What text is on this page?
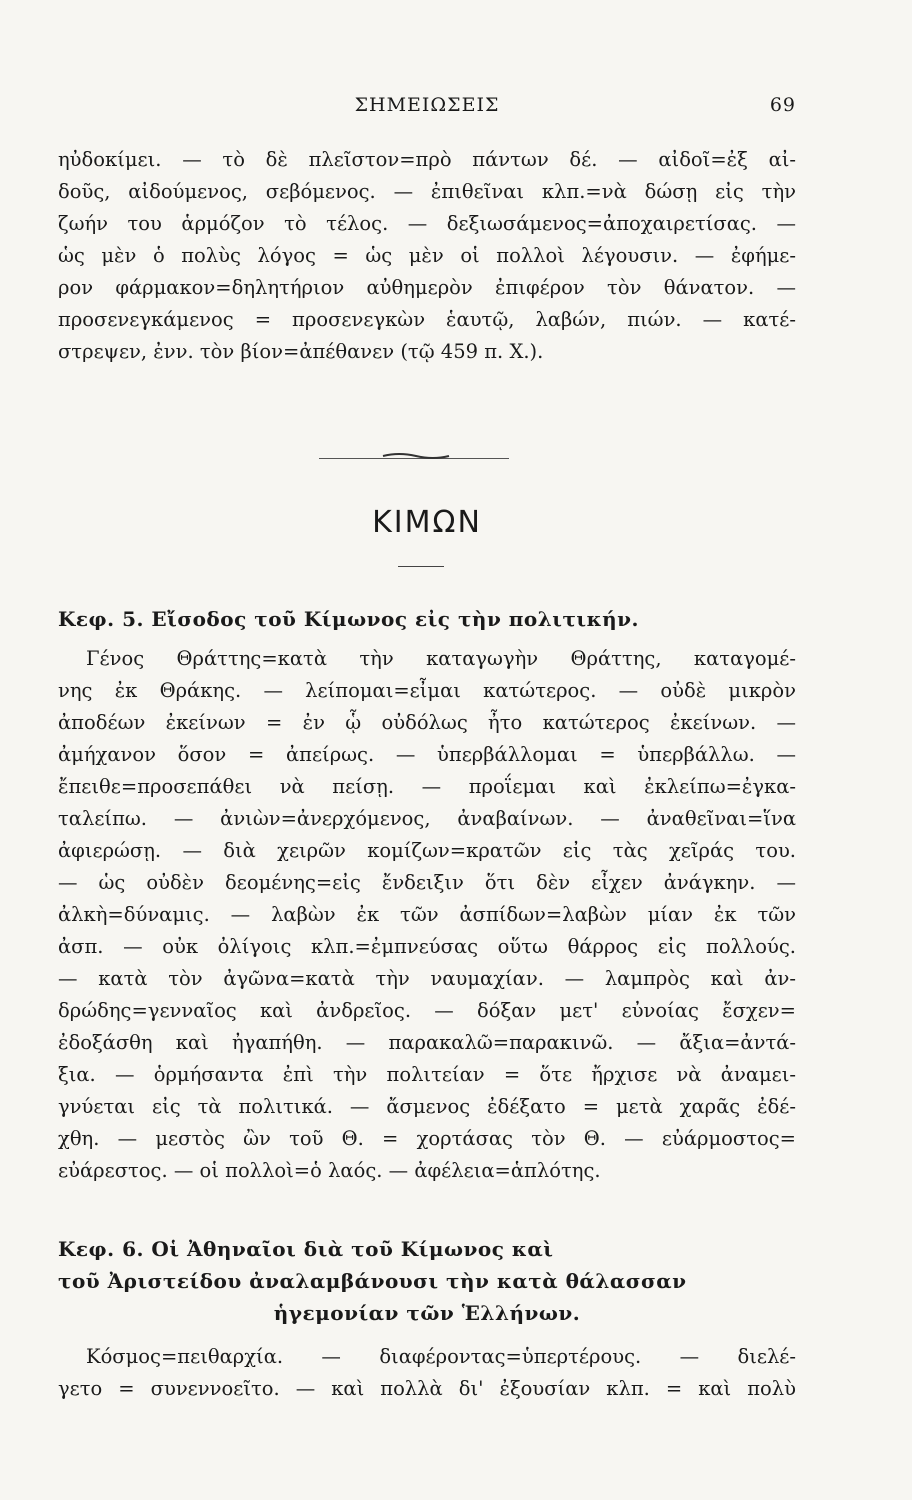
ΣΗΜΕΙΩΣΕΙΣ	69
ηὐδοκίμει. — τὸ δὲ πλεῖστον=πρὸ πάντων δέ. — αἰδοῖ=ἐξ αἰ-
δοῦς, αἰδούμενος, σεβόμενος. — ἐπιθεῖναι κλπ.=νὰ δώσῃ εἰς τὴν
ζωήν του ἁρμόζον τὸ τέλος. — δεξιωσάμενος=ἀποχαιρετίσας. —
ὡς μὲν ὁ πολὺς λόγος = ὡς μὲν οἱ πολλοὶ λέγουσιν. — ἐφήμε-
ρον φάρμακον=δηλητήριον αὐθημερὸν ἐπιφέρον τὸν θάνατον. —
προσενεγκάμενος = προσενεγκὼν ἑαυτῷ, λαβών, πιών. — κατέ-
στρεψεν, ἐνν. τὸν βίον=ἀπέθανεν (τῷ 459 π. Χ.).
ΚΙΜΩΝ
Κεφ. 5. Εἴσοδος τοῦ Κίμωνος εἰς τὴν πολιτικήν.
Γένος Θράττης=κατὰ τὴν καταγωγὴν Θράττης, καταγομέ-
νης ἐκ Θράκης. — λείπομαι=εἶμαι κατώτερος. — οὐδὲ μικρὸν
ἀποδέων ἐκείνων = ἐν ᾧ οὐδόλως ἦτο κατώτερος ἐκείνων. —
ἀμήχανον ὅσον = ἀπείρως. — ὑπερβάλλομαι = ὑπερβάλλω. —
ἔπειθε=προσεπάθει νὰ πείσῃ. — προΐεμαι καὶ ἐκλείπω=ἐγκα-
ταλείπω. — ἀνιὼν=ἀνερχόμενος, ἀναβαίνων. — ἀναθεῖναι=ἵνα
ἀφιερώσῃ. — διὰ χειρῶν κομίζων=κρατῶν εἰς τὰς χεῖράς του.
— ὡς οὐδὲν δεομένης=εἰς ἔνδειξιν ὅτι δὲν εἶχεν ἀνάγκην. —
ἀλκὴ=δύναμις. — λαβὼν ἐκ τῶν ἀσπίδων=λαβὼν μίαν ἐκ τῶν
ἀσπ. — οὐκ ὀλίγοις κλπ.=ἐμπνεύσας οὕτω θάρρος εἰς πολλούς.
— κατὰ τὸν ἀγῶνα=κατὰ τὴν ναυμαχίαν. — λαμπρὸς καὶ ἀν-
δρώδης=γενναῖος καὶ ἀνδρεῖος. — δόξαν μετ' εὐνοίας ἔσχεν=
ἐδοξάσθη καὶ ἠγαπήθη. — παρακαλῶ=παρακινῶ. — ἄξια=ἀντά-
ξια. — ὁρμήσαντα ἐπὶ τὴν πολιτείαν = ὅτε ἤρχισε νὰ ἀναμει-
γνύεται εἰς τὰ πολιτικά. — ἄσμενος ἐδέξατο = μετὰ χαρᾶς ἐδέ-
χθη. — μεστὸς ὢν τοῦ Θ. = χορτάσας τὸν Θ. — εὐάρμοστος=
εὐάρεστος. — οἱ πολλοὶ=ὁ λαός. — ἀφέλεια=ἁπλότης.
Κεφ. 6. Οἱ Ἀθηναῖοι διὰ τοῦ Κίμωνος καὶ
τοῦ Ἀριστείδου ἀναλαμβάνουσι τὴν κατὰ θάλασσαν
ἡγεμονίαν τῶν Ἑλλήνων.
Κόσμος=πειθαρχία. — διαφέροντας=ὑπερτέρους. — διελέ-
γετο = συνεννοεῖτο. — καὶ πολλὰ δι' ἐξουσίαν κλπ. = καὶ πολὺ
